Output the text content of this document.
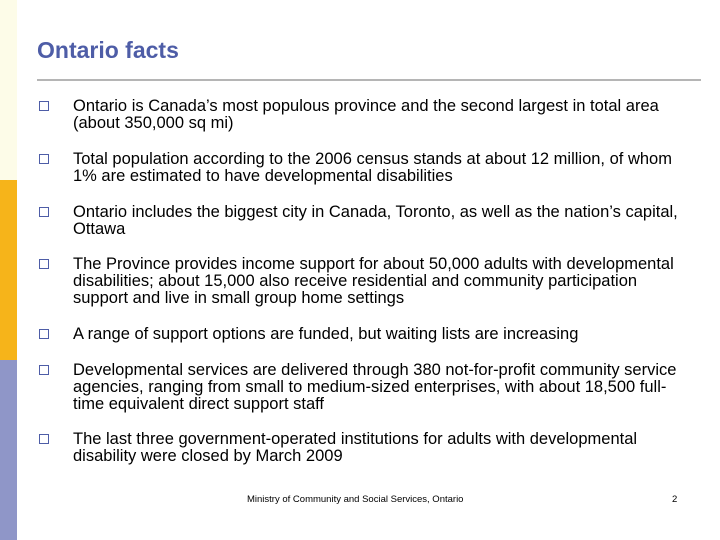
Ontario facts
Ontario is Canada’s most populous province and the second largest in total area (about 350,000 sq mi)
Total population according to the 2006 census stands at about 12 million, of whom 1% are estimated to have developmental disabilities
Ontario includes the biggest city in Canada, Toronto, as well as the nation’s capital, Ottawa
The Province provides income support for about 50,000 adults with developmental disabilities; about 15,000 also receive residential and community participation support and live in small group home settings
A range of support options are funded, but waiting lists are increasing
Developmental services are delivered through 380 not-for-profit community service agencies, ranging from small to medium-sized enterprises, with about 18,500 full-time equivalent direct support staff
The last three government-operated institutions for adults with developmental disability were closed by March 2009
Ministry of Community and Social Services, Ontario	2
